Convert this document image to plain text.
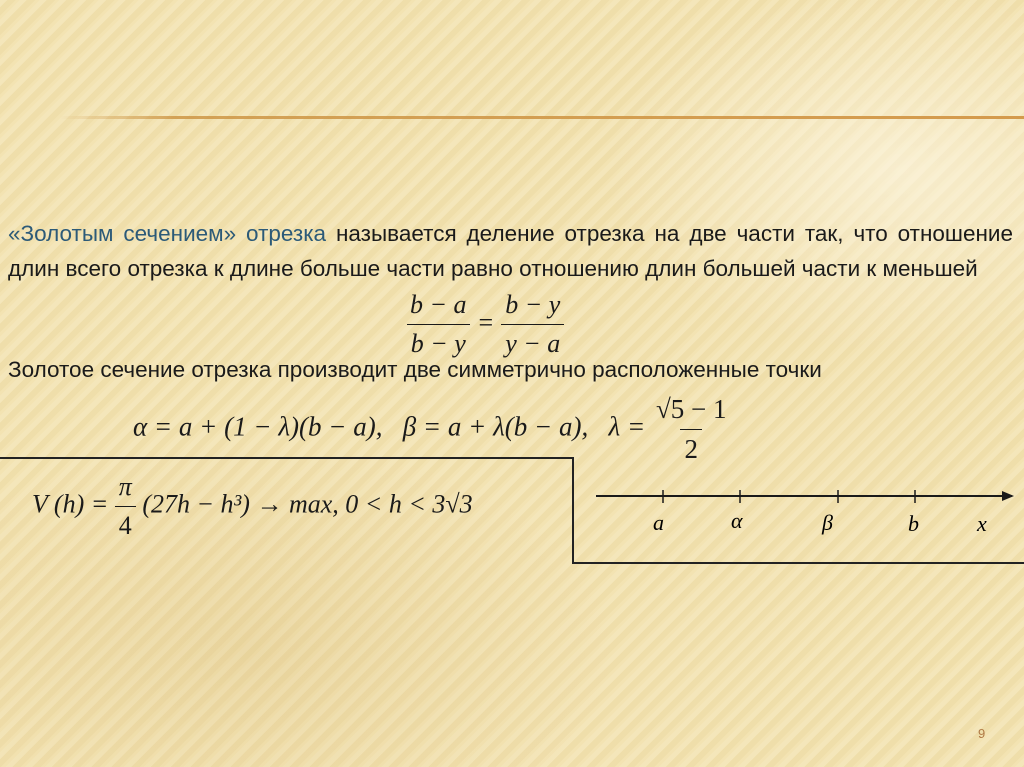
«Золотым сечением» отрезка называется деление отрезка на две части так, что отношение длин всего отрезка к длине больше части равно отношению длин большей части к меньшей
$\frac{b - a}{b - y} = \frac{b - y}{y - a}$
Золотое сечение отрезка производит две симметрично расположенные точки
α = a + (1 − λ)(b − a), β = a + λ(b − a), $\lambda = \frac{√5 - 1}{2}$
V $(h) = \frac{\pi}{4} (27h - h^3) \to \max$, 0 < h < 3√3
a	α	β	b	x
9
